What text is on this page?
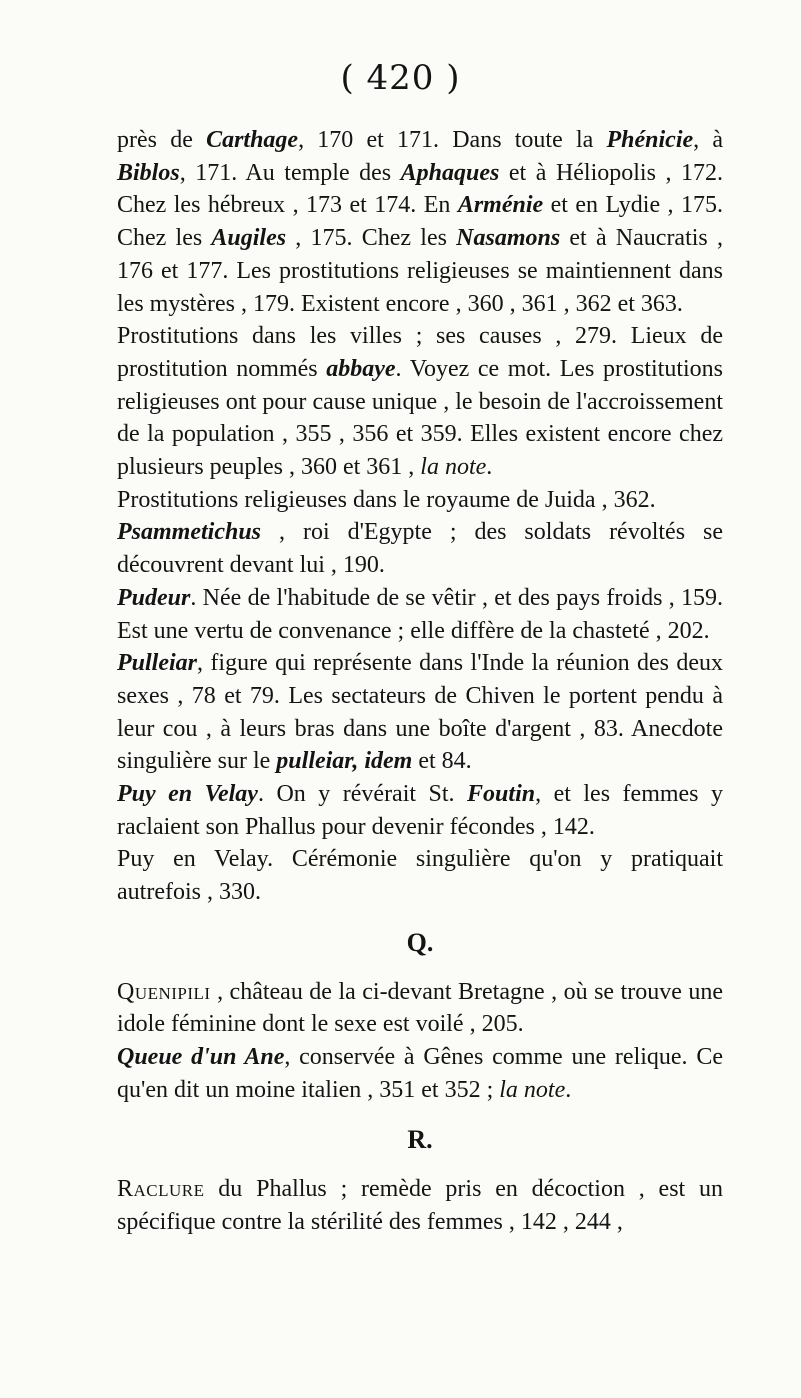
( 420 )

près de Carthage, 170 et 171. Dans toute la Phénicie, à Biblos, 171. Au temple des Aphaques et à Héliopolis , 172. Chez les hébreux , 173 et 174. En Arménie et en Lydie , 175. Chez les Augiles , 175. Chez les Nasamons et à Naucratis , 176 et 177. Les prostitutions religieuses se maintiennent dans les mystères , 179. Existent encore , 360 , 361 , 362 et 363.

Prostitutions dans les villes ; ses causes , 279. Lieux de prostitution nommés abbaye. Voyez ce mot. Les prostitutions religieuses ont pour cause unique , le besoin de l'accroissement de la population , 355 , 356 et 359. Elles existent encore chez plusieurs peuples , 360 et 361 , la note.

Prostitutions religieuses dans le royaume de Juida , 362.

Psammetichus , roi d'Egypte ; des soldats révoltés se découvrent devant lui , 190.

Pudeur. Née de l'habitude de se vêtir , et des pays froids , 159. Est une vertu de convenance ; elle diffère de la chasteté , 202.

Pulleiar, figure qui représente dans l'Inde la réunion des deux sexes , 78 et 79. Les sectateurs de Chiven le portent pendu à leur cou , à leurs bras dans une boîte d'argent , 83. Anecdote singulière sur le pulleiar, idem et 84.

Puy en Velay. On y révérait St. Foutin, et les femmes y raclaient son Phallus pour devenir fécondes , 142.

Puy en Velay. Cérémonie singulière qu'on y pratiquait autrefois , 330.

Q.

Quenipili , château de la ci-devant Bretagne , où se trouve une idole féminine dont le sexe est voilé , 205.

Queue d'un Ane, conservée à Gênes comme une relique. Ce qu'en dit un moine italien , 351 et 352 ; la note.

R.

Raclure du Phallus ; remède pris en décoction , est un spécifique contre la stérilité des femmes , 142 , 244 ,
